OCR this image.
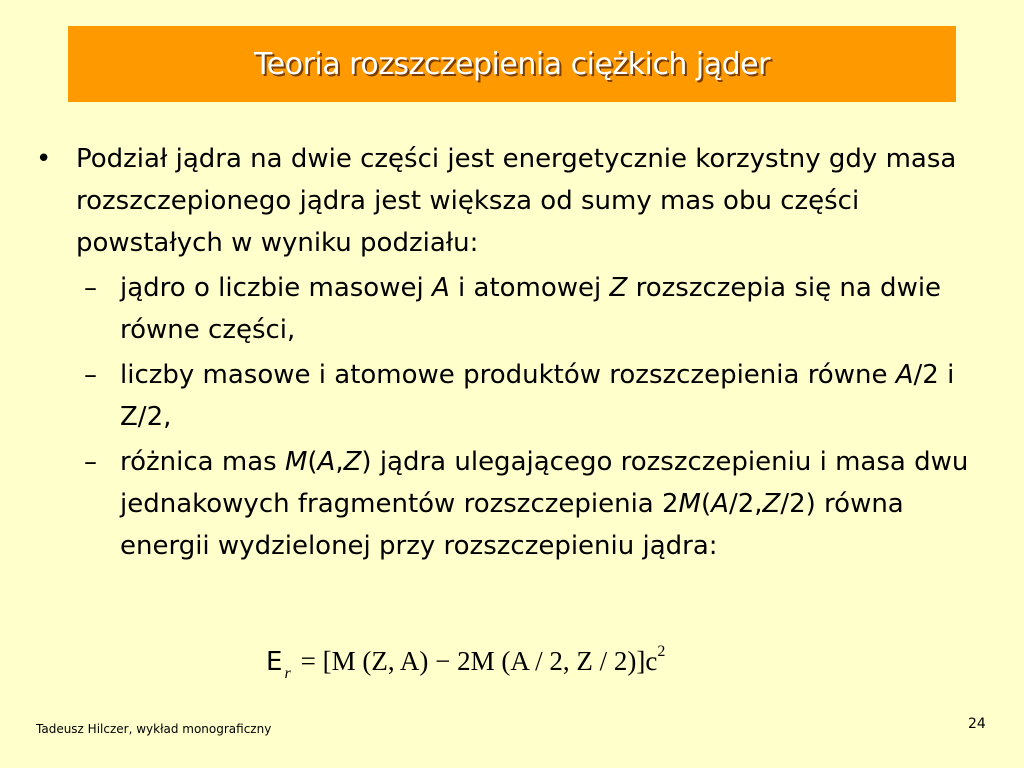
Teoria rozszczepienia ciężkich jąder
• Podział jądra na dwie części jest energetycznie korzystny gdy masa rozszczepionego jądra jest większa od sumy mas obu części powstałych w wyniku podziału:
– jądro o liczbie masowej A i atomowej Z rozszczepia się na dwie równe części,
– liczby masowe i atomowe produktów rozszczepienia równe A/2 i Z/2,
– różnica mas M(A,Z) jądra ulegającego rozszczepieniu i masa dwu jednakowych fragmentów rozszczepienia 2M(A/2,Z/2) równa energii wydzielonej przy rozszczepieniu jądra:
E $_r$ = [M (Z, A) − 2M (A / 2, Z / $2)]c^2$
Tadeusz Hilczer, wykład monograficzny	24
